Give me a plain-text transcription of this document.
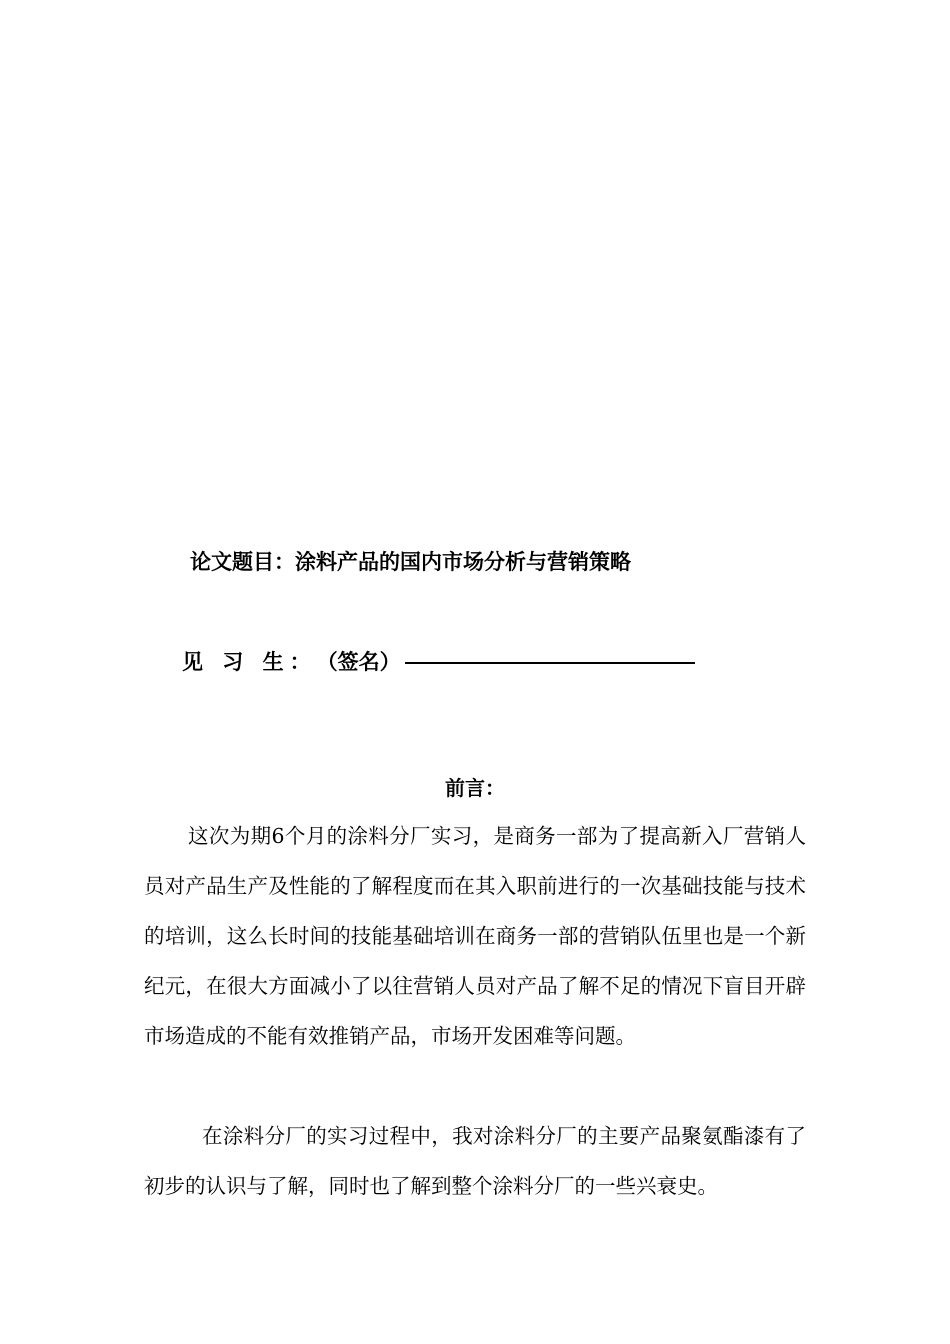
论文题目：涂料产品的国内市场分析与营销策略
见 习 生： （签名）
前言：

这次为期6个月的涂料分厂实习，是商务一部为了提高新入厂营销人员对产品生产及性能的了解程度而在其入职前进行的一次基础技能与技术的培训，这么长时间的技能基础培训在商务一部的营销队伍里也是一个新纪元，在很大方面减小了以往营销人员对产品了解不足的情况下盲目开辟市场造成的不能有效推销产品，市场开发困难等问题。

在涂料分厂的实习过程中，我对涂料分厂的主要产品聚氨酯漆有了初步的认识与了解，同时也了解到整个涂料分厂的一些兴衰史。
